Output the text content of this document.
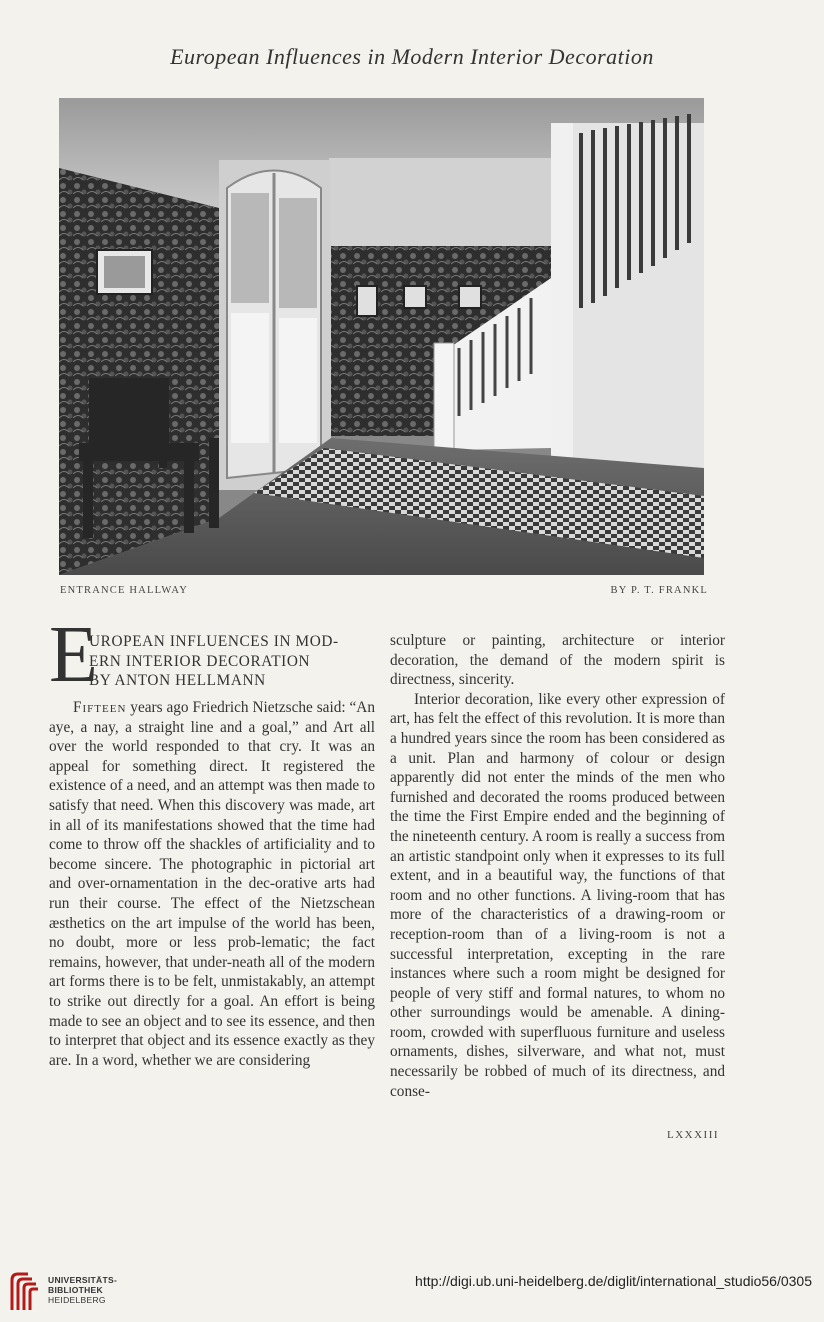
European Influences in Modern Interior Decoration
ENTRANCE HALLWAY	BY P. T. FRANKL
E
UROPEAN INFLUENCES IN MOD-
ERN INTERIOR DECORATION
BY ANTON HELLMANN

Fifteen years ago Friedrich Nietzsche said: “An aye, a nay, a straight line and a goal,” and Art all over the world responded to that cry. It was an appeal for something direct. It registered the existence of a need, and an attempt was then made to satisfy that need. When this discovery was made, art in all of its manifestations showed that the time had come to throw off the shackles of artificiality and to become sincere. The photographic in pictorial art and over-ornamentation in the dec-orative arts had run their course. The effect of the Nietzschean æsthetics on the art impulse of the world has been, no doubt, more or less prob-lematic; the fact remains, however, that under-neath all of the modern art forms there is to be felt, unmistakably, an attempt to strike out directly for a goal. An effort is being made to see an object and to see its essence, and then to interpret that object and its essence exactly as they are. In a word, whether we are considering

sculpture or painting, architecture or interior decoration, the demand of the modern spirit is directness, sincerity.

Interior decoration, like every other expression of art, has felt the effect of this revolution. It is more than a hundred years since the room has been considered as a unit. Plan and harmony of colour or design apparently did not enter the minds of the men who furnished and decorated the rooms produced between the time the First Empire ended and the beginning of the nineteenth century. A room is really a success from an artistic standpoint only when it expresses to its full extent, and in a beautiful way, the functions of that room and no other functions. A living-room that has more of the characteristics of a drawing-room or reception-room than of a living-room is not a successful interpretation, excepting in the rare instances where such a room might be designed for people of very stiff and formal natures, to whom no other surroundings would be amenable. A dining-room, crowded with superfluous furniture and useless ornaments, dishes, silverware, and what not, must necessarily be robbed of much of its directness, and conse-

LXXXIII
UNIVERSITÄTS-
BIBLIOTHEK
HEIDELBERG
http://digi.ub.uni-heidelberg.de/diglit/international_studio56/0305
